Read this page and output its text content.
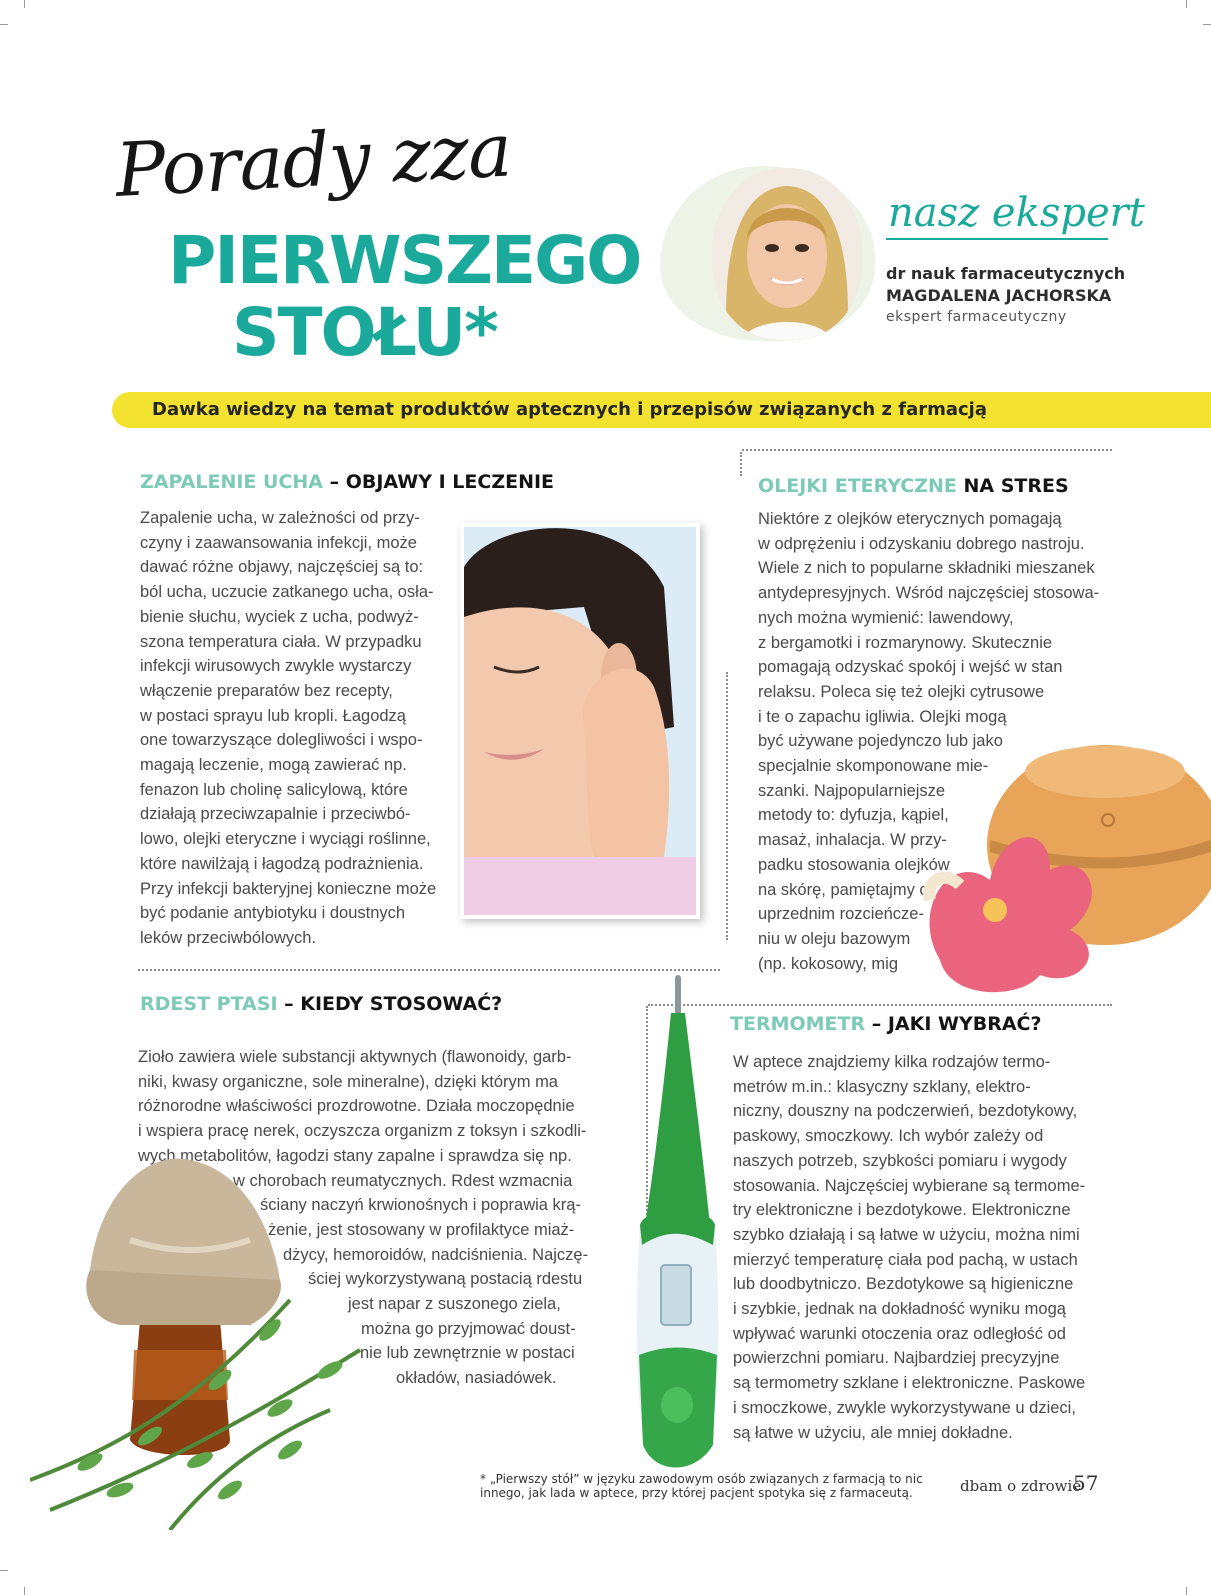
Porady zza
PIERWSZEGO
STOŁU*
nasz ekspert
dr nauk farmaceutycznych
MAGDALENA JACHORSKA
ekspert farmaceutyczny
Dawka wiedzy na temat produktów aptecznych i przepisów związanych z farmacją
ZAPALENIE UCHA – OBJAWY I LECZENIE
Zapalenie ucha, w zależności od przy-
czyny i zaawansowania infekcji, może
dawać różne objawy, najczęściej są to:
ból ucha, uczucie zatkanego ucha, osła-
bienie słuchu, wyciek z ucha, podwyż-
szona temperatura ciała. W przypadku
infekcji wirusowych zwykle wystarczy
włączenie preparatów bez recepty,
w postaci sprayu lub kropli. Łagodzą
one towarzyszące dolegliwości i wspo-
magają leczenie, mogą zawierać np.
fenazon lub cholinę salicylową, które
działają przeciwzapalnie i przeciwbó-
lowo, olejki eteryczne i wyciągi roślinne,
które nawilżają i łagodzą podrażnienia.
Przy infekcji bakteryjnej konieczne może
być podanie antybiotyku i doustnych
leków przeciwbólowych.
OLEJKI ETERYCZNE NA STRES
Niektóre z olejków eterycznych pomagają
w odprężeniu i odzyskaniu dobrego nastroju.
Wiele z nich to popularne składniki mieszanek
antydepresyjnych. Wśród najczęściej stosowa-
nych można wymienić: lawendowy,
z bergamotki i rozmarynowy. Skutecznie
pomagają odzyskać spokój i wejść w stan
relaksu. Poleca się też olejki cytrusowe
i te o zapachu igliwia. Olejki mogą
być używane pojedynczo lub jako
specjalnie skomponowane mie-
szanki. Najpopularniejsze
metody to: dyfuzja, kąpiel,
masaż, inhalacja. W przy-
padku stosowania olejków
na skórę, pamiętajmy o
uprzednim rozcieńcze-
niu w oleju bazowym
(np. kokosowy, mig
RDEST PTASI – KIEDY STOSOWAĆ?
Zioło zawiera wiele substancji aktywnych (flawonoidy, garb-
niki, kwasy organiczne, sole mineralne), dzięki którym ma
różnorodne właściwości prozdrowotne. Działa moczopędnie
i wspiera pracę nerek, oczyszcza organizm z toksyn i szkodli-
wych metabolitów, łagodzi stany zapalne i sprawdza się np.
w chorobach reumatycznych. Rdest wzmacnia
ściany naczyń krwionośnych i poprawia krą-
żenie, jest stosowany w profilaktyce miaż-
dżycy, hemoroidów, nadciśnienia. Najczę-
ściej wykorzystywaną postacią rdestu
jest napar z suszonego ziela,
można go przyjmować doust-
nie lub zewnętrznie w postaci
okładów, nasiadówek.
TERMOMETR – JAKI WYBRAĆ?
W aptece znajdziemy kilka rodzajów termo-
metrów m.in.: klasyczny szklany, elektro-
niczny, douszny na podczerwień, bezdotykowy,
paskowy, smoczkowy. Ich wybór zależy od
naszych potrzeb, szybkości pomiaru i wygody
stosowania. Najczęściej wybierane są termome-
try elektroniczne i bezdotykowe. Elektroniczne
szybko działają i są łatwe w użyciu, można nimi
mierzyć temperaturę ciała pod pachą, w ustach
lub doodbytniczo. Bezdotykowe są higieniczne
i szybkie, jednak na dokładność wyniku mogą
wpływać warunki otoczenia oraz odległość od
powierzchni pomiaru. Najbardziej precyzyjne
są termometry szklane i elektroniczne. Paskowe
i smoczkowe, zwykle wykorzystywane u dzieci,
są łatwe w użyciu, ale mniej dokładne.
* „Pierwszy stół” w języku zawodowym osób związanych z farmacją to nic
innego, jak lada w aptece, przy której pacjent spotyka się z farmaceutą.	dbam o zdrowie
57
